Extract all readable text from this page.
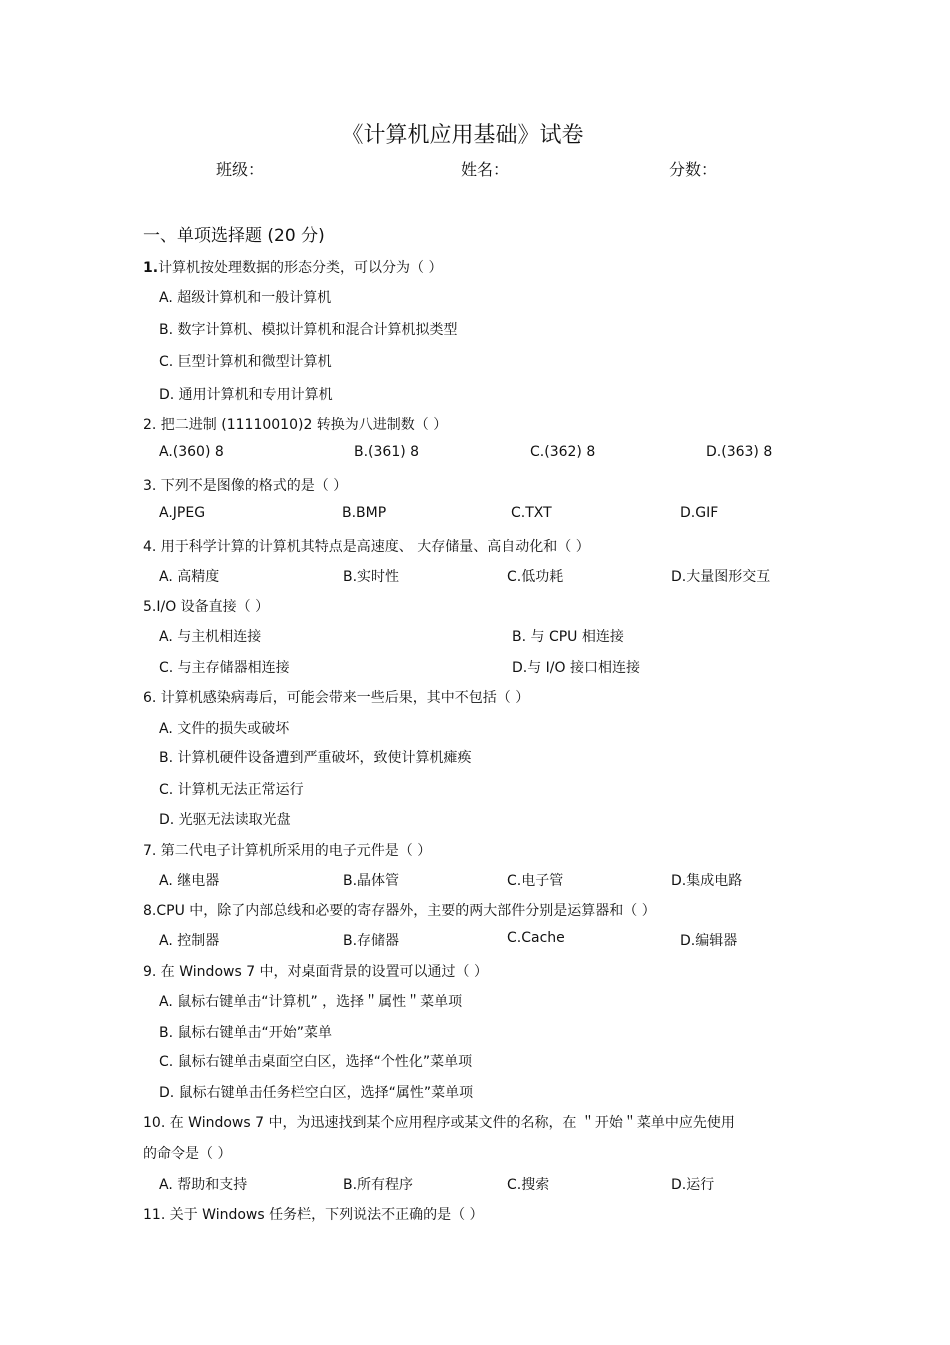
《计算机应用基础》试卷
班级：	姓名：	分数：
一、单项选择题 (20 分)
1.计算机按处理数据的形态分类，可以分为（ ）
A. 超级计算机和一般计算机
B. 数字计算机、模拟计算机和混合计算机拟类型
C. 巨型计算机和微型计算机
D. 通用计算机和专用计算机
2. 把二进制 (11110010)2 转换为八进制数（ ）
A.(360) 8	B.(361) 8	C.(362) 8	D.(363) 8
3. 下列不是图像的格式的是（ ）
A.JPEG	B.BMP	C.TXT	D.GIF
4. 用于科学计算的计算机其特点是高速度、 大存储量、高自动化和（ ）
A. 高精度	B.实时性	C.低功耗	D.大量图形交互
5.I/O 设备直接（ ）
A. 与主机相连接	B. 与 CPU 相连接
C. 与主存储器相连接	D.与 I/O 接口相连接
6. 计算机感染病毒后，可能会带来一些后果，其中不包括（ ）
A. 文件的损失或破坏
B. 计算机硬件设备遭到严重破坏，致使计算机瘫痪
C. 计算机无法正常运行
D. 光驱无法读取光盘
7. 第二代电子计算机所采用的电子元件是（ ）
A. 继电器	B.晶体管	C.电子管	D.集成电路
8.CPU 中，除了内部总线和必要的寄存器外，主要的两大部件分别是运算器和（ ）
A. 控制器	B.存储器	C.Cache	D.编辑器
9. 在 Windows 7 中，对桌面背景的设置可以通过（ ）
A. 鼠标右键单击“计算机” ，选择＂属性＂菜单项
B. 鼠标右键单击“开始”菜单
C. 鼠标右键单击桌面空白区，选择“个性化”菜单项
D. 鼠标右键单击任务栏空白区，选择“属性”菜单项
10. 在 Windows 7 中，为迅速找到某个应用程序或某文件的名称，在 ＂开始＂菜单中应先使用
的命令是（ ）
A. 帮助和支持	B.所有程序	C.搜索	D.运行
11. 关于 Windows 任务栏，下列说法不正确的是（ ）
